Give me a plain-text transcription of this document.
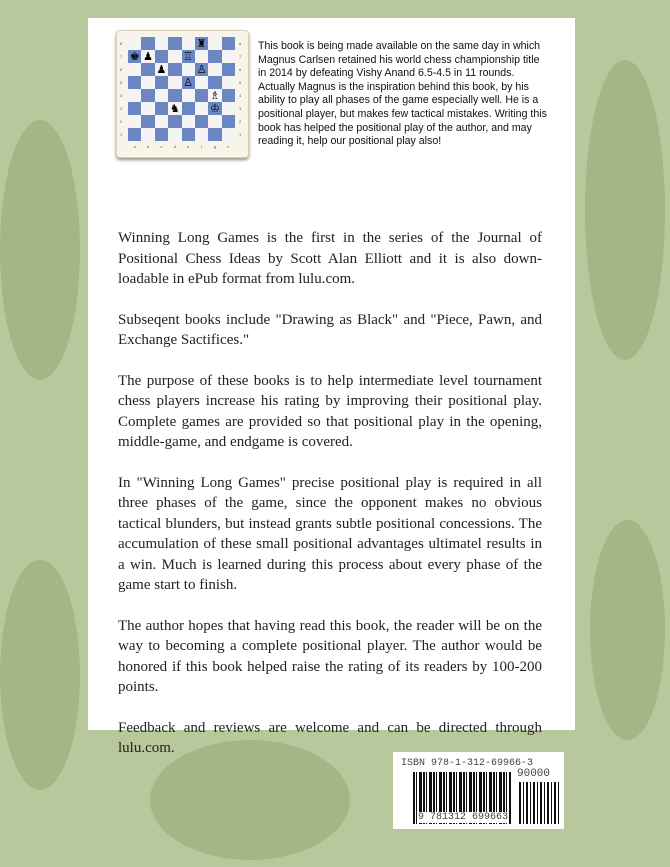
8
7
6
5
4
3
2
1
♜
♚ ♟	♖
♟	♙
♙
♗
♞	♔
8
7
6
5
4
3
2
1
a	b	c	d	e	f	g	h
This book is being made available on the same day in which Magnus Carlsen retained his world chess championship title in 2014 by defeating Vishy Anand 6.5-4.5 in 11 rounds. Actually Magnus is the inspiration behind this book, by his ability to play all phases of the game especially well. He is a positional player, but makes few tactical mistakes. Writing this book has helped the positional play of the author, and may reading it, help our positional play also!

Winning Long Games is the first in the series of the Journal of Positional Chess Ideas by Scott Alan Elliott and it is also down-loadable in ePub format from lulu.com.

Subseqent books include "Drawing as Black" and "Piece, Pawn, and Exchange Sactifices."

The purpose of these books is to help intermediate level tournament chess players increase his rating by improving their positional play. Complete games are provided so that positional play in the opening, middle-game, and endgame is covered.

In "Winning Long Games" precise positional play is required in all three phases of the game, since the opponent makes no obvious tactical blunders, but instead grants subtle positional concessions. The accumulation of these small positional advantages ultimatel results in a win. Much is learned during this process about every phase of the game start to finish.

The author hopes that having read this book, the reader will be on the way to becoming a complete positional player. The author would be honored if this book helped raise the rating of its readers by 100-200 points.

Feedback and reviews are welcome and can be directed through lulu.com.

ISBN 978-1-312-69966-3
90000
9 781312 699663
